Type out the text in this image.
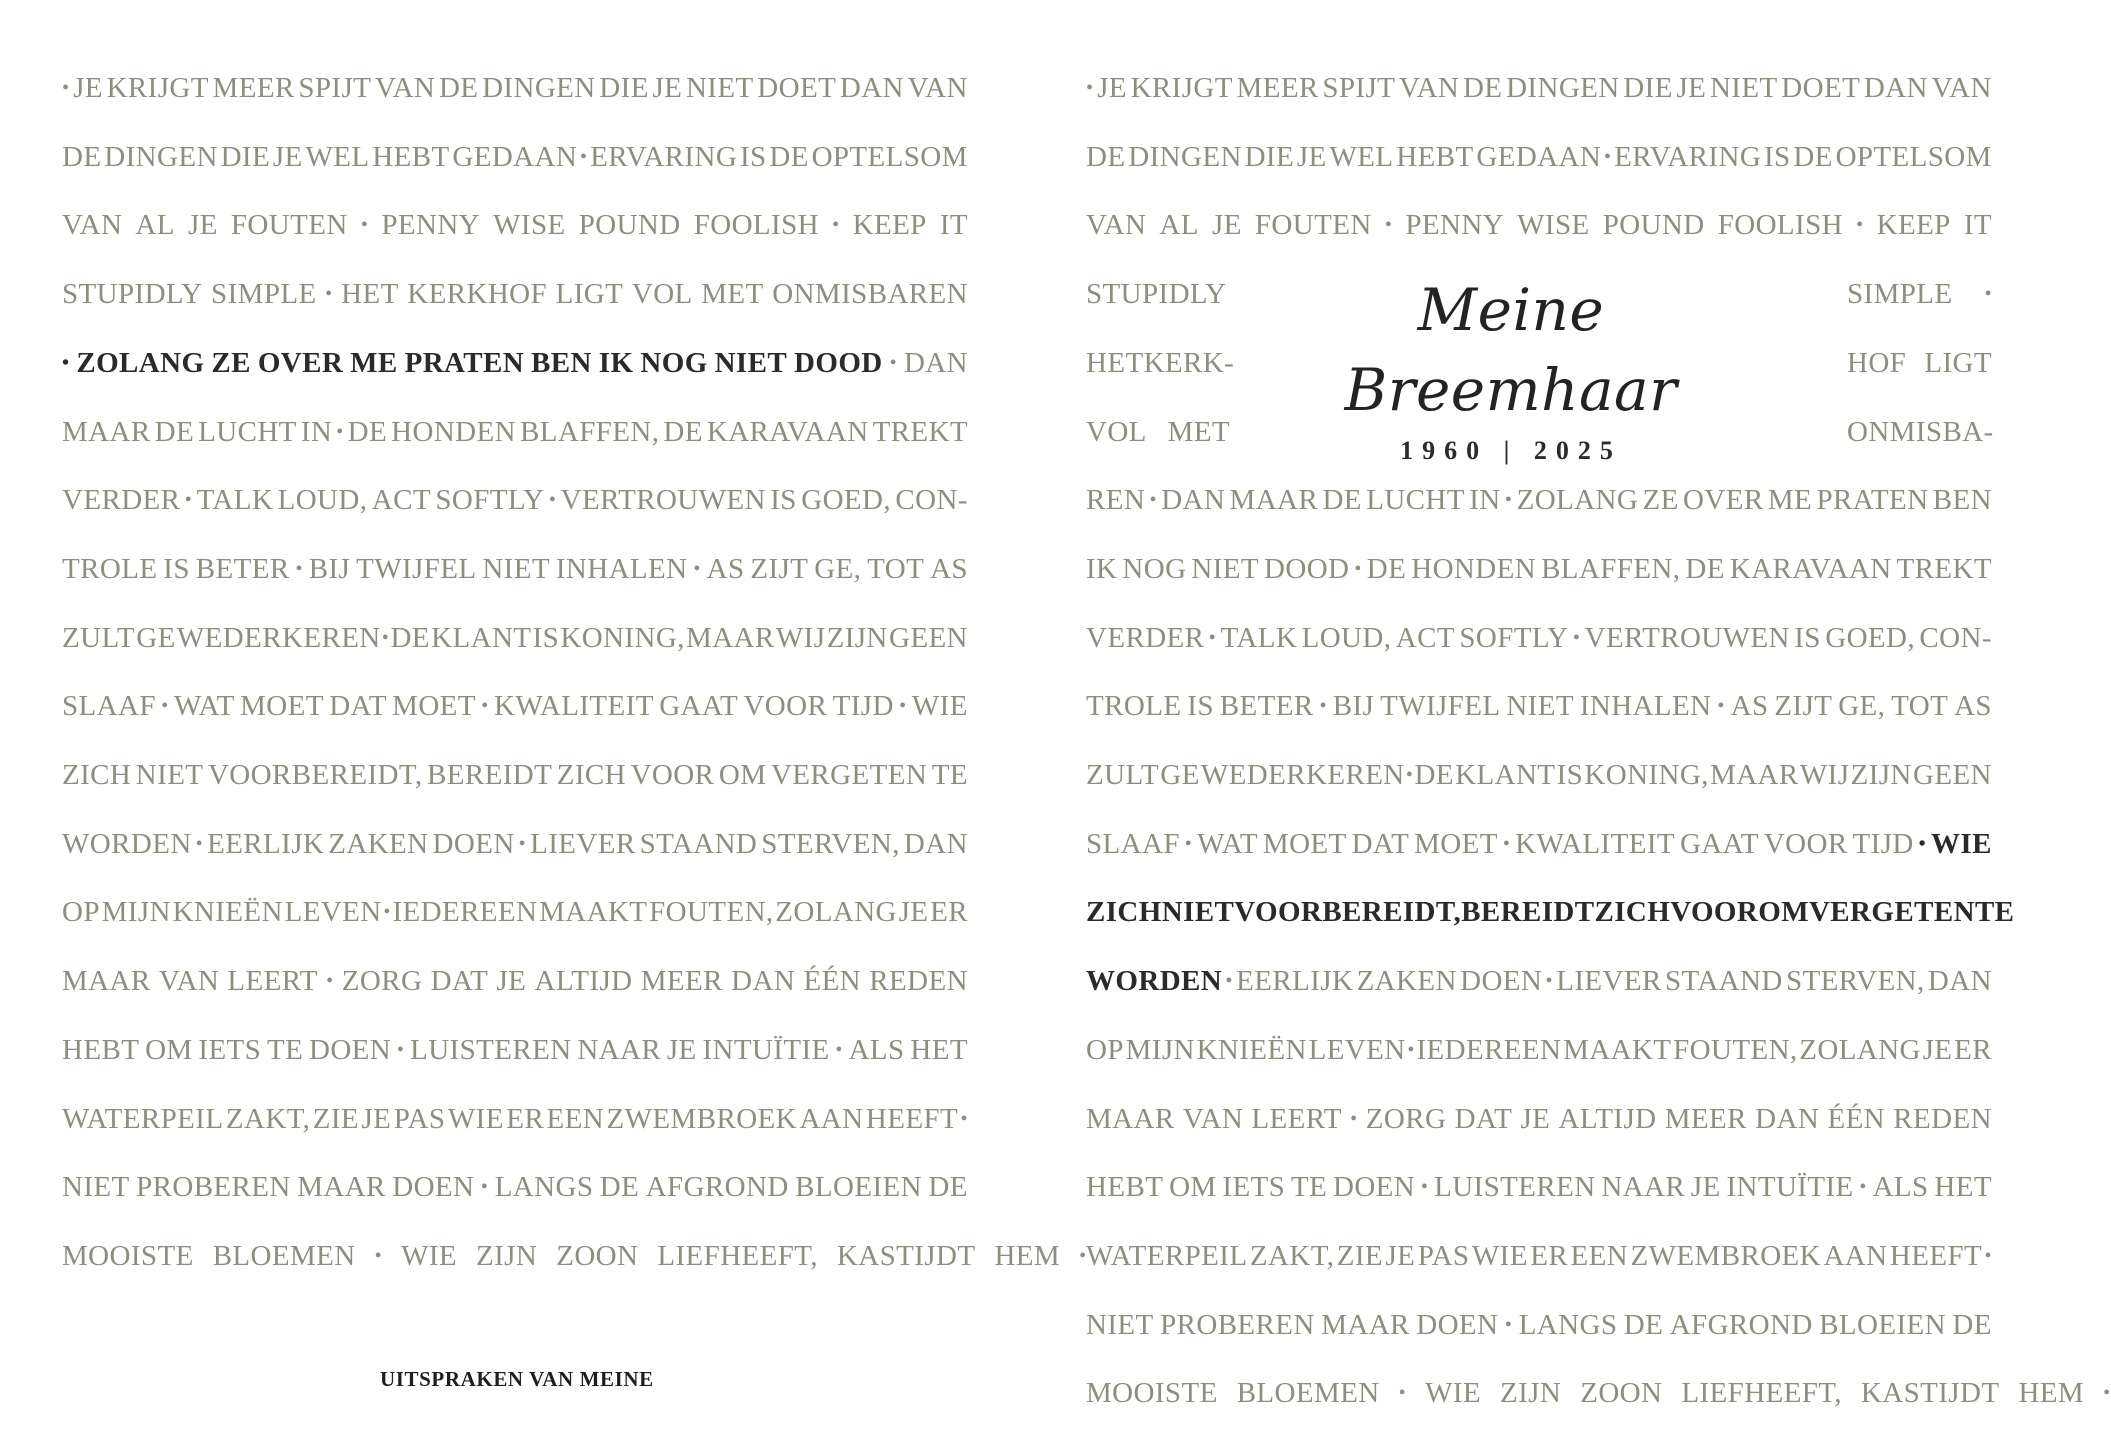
• JE KRIJGT MEER SPIJT VAN DE DINGEN DIE JE NIET DOET DAN VAN
DE DINGEN DIE JE WEL HEBT GEDAAN • ERVARING IS DE OPTELSOM
VAN AL JE FOUTEN • PENNY WISE POUND FOOLISH • KEEP IT
STUPIDLY SIMPLE • HET KERKHOF LIGT VOL MET ONMISBAREN
• ZOLANG ZE OVER ME PRATEN BEN IK NOG NIET DOOD • DAN
MAAR DE LUCHT IN • DE HONDEN BLAFFEN, DE KARAVAAN TREKT
VERDER • TALK LOUD, ACT SOFTLY • VERTROUWEN IS GOED, CON-
TROLE IS BETER • BIJ TWIJFEL NIET INHALEN • AS ZIJT GE, TOT AS
ZULT GE WEDERKEREN • DE KLANT IS KONING, MAAR WIJ ZIJN GEEN
SLAAF • WAT MOET DAT MOET • KWALITEIT GAAT VOOR TIJD • WIE
ZICH NIET VOORBEREIDT, BEREIDT ZICH VOOR OM VERGETEN TE
WORDEN • EERLIJK ZAKEN DOEN • LIEVER STAAND STERVEN, DAN
OP MIJN KNIEËN LEVEN • IEDEREEN MAAKT FOUTEN, ZOLANG JE ER
MAAR VAN LEERT • ZORG DAT JE ALTIJD MEER DAN ÉÉN REDEN
HEBT OM IETS TE DOEN • LUISTEREN NAAR JE INTUÏTIE • ALS HET
WATERPEIL ZAKT, ZIE JE PAS WIE ER EEN ZWEMBROEK AAN HEEFT •
NIET PROBEREN MAAR DOEN • LANGS DE AFGROND BLOEIEN DE
MOOISTE BLOEMEN • WIE ZIJN ZOON LIEFHEEFT, KASTIJDT HEM •
UITSPRAKEN VAN MEINE
Meine Breemhaar
1960 | 2025
• JE KRIJGT MEER SPIJT VAN DE DINGEN DIE JE NIET DOET DAN VAN
DE DINGEN DIE JE WEL HEBT GEDAAN • ERVARING IS DE OPTELSOM
VAN AL JE FOUTEN • PENNY WISE POUND FOOLISH • KEEP IT
REN • DAN MAAR DE LUCHT IN • ZOLANG ZE OVER ME PRATEN BEN
IK NOG NIET DOOD • DE HONDEN BLAFFEN, DE KARAVAAN TREKT
VERDER • TALK LOUD, ACT SOFTLY • VERTROUWEN IS GOED, CON-
TROLE IS BETER • BIJ TWIJFEL NIET INHALEN • AS ZIJT GE, TOT AS
ZULT GE WEDERKEREN • DE KLANT IS KONING, MAAR WIJ ZIJN GEEN
SLAAF • WAT MOET DAT MOET • KWALITEIT GAAT VOOR TIJD • WIE
ZICH NIET VOORBEREIDT, BEREIDT ZICH VOOR OM VERGETEN TE
WORDEN • EERLIJK ZAKEN DOEN • LIEVER STAAND STERVEN, DAN
OP MIJN KNIEËN LEVEN • IEDEREEN MAAKT FOUTEN, ZOLANG JE ER
MAAR VAN LEERT • ZORG DAT JE ALTIJD MEER DAN ÉÉN REDEN
HEBT OM IETS TE DOEN • LUISTEREN NAAR JE INTUÏTIE • ALS HET
WATERPEIL ZAKT, ZIE JE PAS WIE ER EEN ZWEMBROEK AAN HEEFT •
NIET PROBEREN MAAR DOEN • LANGS DE AFGROND BLOEIEN DE
MOOISTE BLOEMEN • WIE ZIJN ZOON LIEFHEEFT, KASTIJDT HEM •
STUPIDLY	SIMPLE •
HET KERK-	HOF LIGT
VOL MET	ONMISBA-
